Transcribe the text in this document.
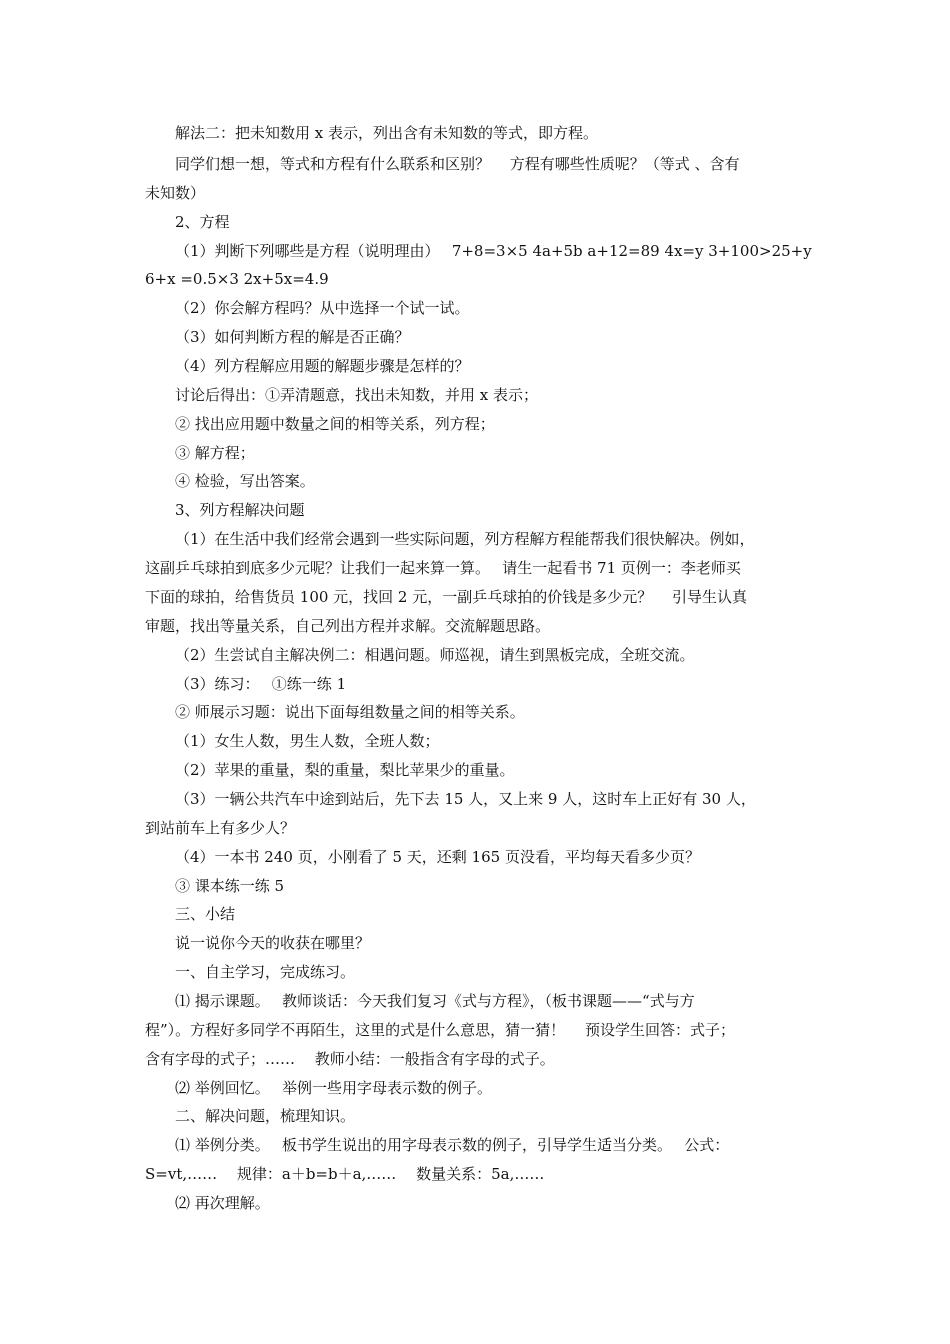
解法二：把未知数用 x 表示，列出含有未知数的等式，即方程。
同学们想一想，等式和方程有什么联系和区别？　 方程有哪些性质呢？（等式 、含有
未知数）
2、方程
（1）判断下列哪些是方程（说明理由）　 7+8=3×5 4a+5b a+12=89 4x=y 3+100>25+y
6+x =0.5×3 2x+5x=4.9
（2）你会解方程吗？从中选择一个试一试。
（3）如何判断方程的解是否正确？
（4）列方程解应用题的解题步骤是怎样的？
讨论后得出：①弄清题意，找出未知数，并用 x 表示；
② 找出应用题中数量之间的相等关系，列方程；
③ 解方程；
④ 检验，写出答案。
3、列方程解决问题
（1）在生活中我们经常会遇到一些实际问题，列方程解方程能帮我们很快解决。例如，
这副乒乓球拍到底多少元呢？让我们一起来算一算。　 请生一起看书 71 页例一：李老师买
下面的球拍，给售货员 100 元，找回 2 元，一副乒乓球拍的价钱是多少元？　 引导生认真
审题，找出等量关系，自己列出方程并求解。交流解题思路。
（2）生尝试自主解决例二：相遇问题。师巡视，请生到黑板完成，全班交流。
（3）练习：　 ①练一练 1
② 师展示习题：说出下面每组数量之间的相等关系。
（1）女生人数，男生人数，全班人数；
（2）苹果的重量，梨的重量，梨比苹果少的重量。
（3）一辆公共汽车中途到站后，先下去 15 人，又上来 9 人，这时车上正好有 30 人，
到站前车上有多少人？
（4）一本书 240 页，小刚看了 5 天，还剩 165 页没看，平均每天看多少页？
③ 课本练一练 5
三、小结
说一说你今天的收获在哪里？
一、自主学习，完成练习。
⑴ 揭示课题。　 教师谈话：今天我们复习《式与方程》，（板书课题——“式与方
程”）。方程好多同学不再陌生，这里的式是什么意思，猜一猜！　 预设学生回答：式子；
含有字母的式子；……　 教师小结：一般指含有字母的式子。
⑵ 举例回忆。　 举例一些用字母表示数的例子。
二、解决问题，梳理知识。
⑴ 举例分类。　 板书学生说出的用字母表示数的例子，引导学生适当分类。　 公式：
S=vt,……　 规律：a＋b=b＋a,……　 数量关系：5a,……
⑵ 再次理解。
